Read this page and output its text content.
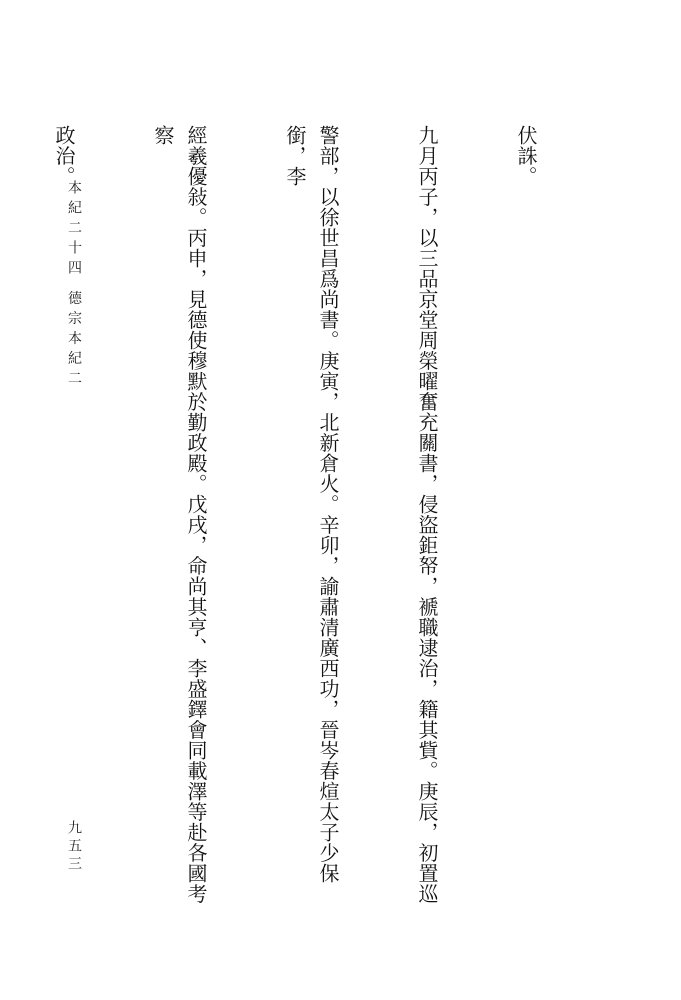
伏誅。

九月丙子，以三品京堂周榮曜奮充關書，侵盜鉅帑，褫職逮治，籍其貲。庚辰，初置巡

警部，以徐世昌爲尚書。庚寅，北新倉火。辛卯，諭肅清廣西功，晉岑春煊太子少保銜，李

經羲優敍。丙申，見德使穆默於勤政殿。戊戌，命尚其亨、李盛鐸會同載澤等赴各國考察

政治。

本紀二十四 德宗本紀二
九五三
